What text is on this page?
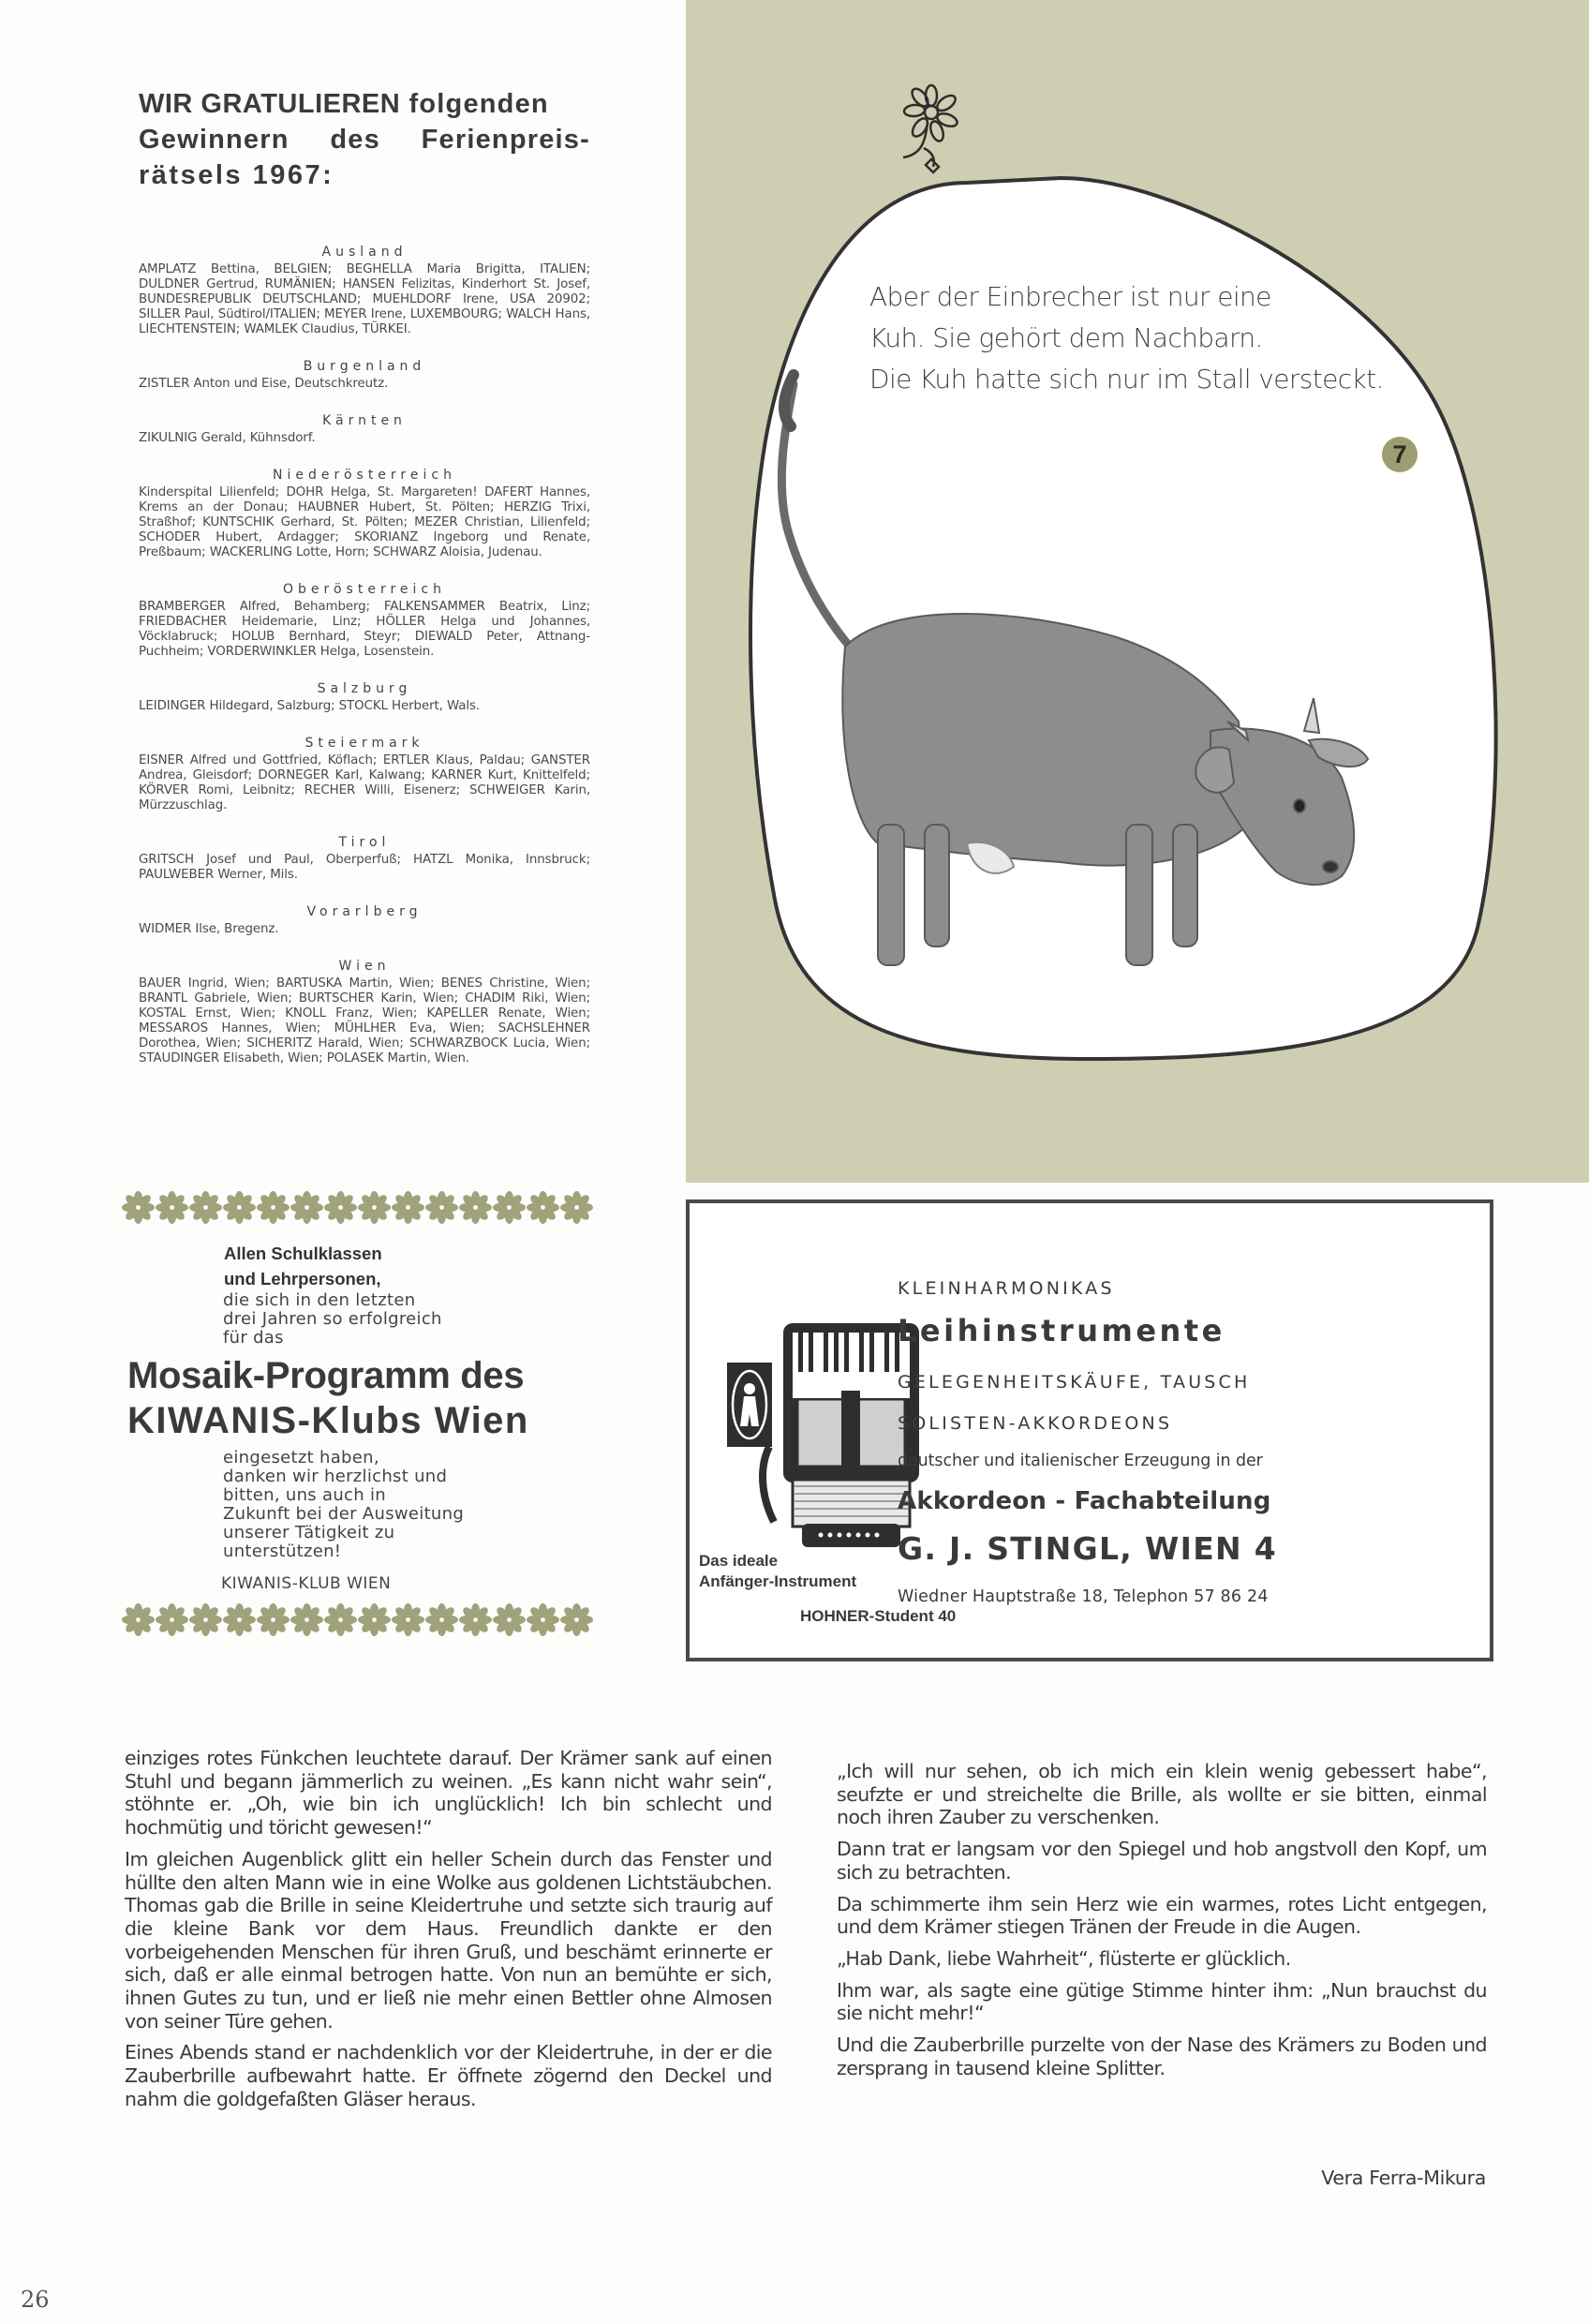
WIR GRATULIEREN folgenden
Gewinnern des Ferienpreis-
rätsels 1967:
Ausland

AMPLATZ Bettina, BELGIEN; BEGHELLA Maria Brigitta, ITALIEN; DULDNER Gertrud, RUMÄNIEN; HANSEN Felizitas, Kinderhort St. Josef, BUNDESREPUBLIK DEUTSCHLAND; MUEHLDORF Irene, USA 20902; SILLER Paul, Südtirol/ITALIEN; MEYER Irene, LUXEMBOURG; WALCH Hans, LIECHTENSTEIN; WAMLEK Claudius, TÜRKEI.

Burgenland

ZISTLER Anton und Eise, Deutschkreutz.

Kärnten

ZIKULNIG Gerald, Kühnsdorf.

Niederösterreich

Kinderspital Lilienfeld; DOHR Helga, St. Margareten! DAFERT Hannes, Krems an der Donau; HAUBNER Hubert, St. Pölten; HERZIG Trixi, Straßhof; KUNTSCHIK Gerhard, St. Pölten; MEZER Christian, Lilienfeld; SCHODER Hubert, Ardagger; SKORIANZ Ingeborg und Renate, Preßbaum; WACKERLING Lotte, Horn; SCHWARZ Aloisia, Judenau.

Oberösterreich

BRAMBERGER Alfred, Behamberg; FALKENSAMMER Beatrix, Linz; FRIEDBACHER Heidemarie, Linz; HÖLLER Helga und Johannes, Vöcklabruck; HOLUB Bernhard, Steyr; DIEWALD Peter, Attnang-Puchheim; VORDERWINKLER Helga, Losenstein.

Salzburg

LEIDINGER Hildegard, Salzburg; STOCKL Herbert, Wals.

Steiermark

EISNER Alfred und Gottfried, Köflach; ERTLER Klaus, Paldau; GANSTER Andrea, Gleisdorf; DORNEGER Karl, Kalwang; KARNER Kurt, Knittelfeld; KÖRVER Romi, Leibnitz; RECHER Willi, Eisenerz; SCHWEIGER Karin, Mürzzuschlag.

Tirol

GRITSCH Josef und Paul, Oberperfuß; HATZL Monika, Innsbruck; PAULWEBER Werner, Mils.

Vorarlberg

WIDMER Ilse, Bregenz.

Wien

BAUER Ingrid, Wien; BARTUSKA Martin, Wien; BENES Christine, Wien; BRANTL Gabriele, Wien; BURTSCHER Karin, Wien; CHADIM Riki, Wien; KOSTAL Ernst, Wien; KNOLL Franz, Wien; KAPELLER Renate, Wien; MESSAROS Hannes, Wien; MÜHLHER Eva, Wien; SACHSLEHNER Dorothea, Wien; SICHERITZ Harald, Wien; SCHWARZBOCK Lucia, Wien; STAUDINGER Elisabeth, Wien; POLASEK Martin, Wien.

Allen Schulklassen
und Lehrpersonen,
die sich in den letzten
drei Jahren so erfolgreich
für das
Mosaik-Programm des
KIWANIS-Klubs Wien
eingesetzt haben,
danken wir herzlichst und
bitten, uns auch in
Zukunft bei der Ausweitung
unserer Tätigkeit zu
unterstützen!
KIWANIS-KLUB WIEN
Aber der Einbrecher ist nur eine
Kuh. Sie gehört dem Nachbarn.
Die Kuh hatte sich nur im Stall versteckt.
7
Das ideale
Anfänger-Instrument
HOHNER-Student 40
KLEINHARMONIKAS
Leihinstrumente
GELEGENHEITSKÄUFE, TAUSCH
SOLISTEN-AKKORDEONS
deutscher und italienischer Erzeugung in der
Akkordeon - Fachabteilung
G. J. STINGL, WIEN 4
Wiedner Hauptstraße 18, Telephon 57 86 24

einziges rotes Fünkchen leuchtete darauf. Der Krämer sank auf einen Stuhl und begann jämmerlich zu weinen. „Es kann nicht wahr sein“, stöhnte er. „Oh, wie bin ich unglücklich! Ich bin schlecht und hochmütig und töricht gewesen!“

Im gleichen Augenblick glitt ein heller Schein durch das Fenster und hüllte den alten Mann wie in eine Wolke aus goldenen Lichtstäubchen. Thomas gab die Brille in seine Kleidertruhe und setzte sich traurig auf die kleine Bank vor dem Haus. Freundlich dankte er den vorbeigehenden Menschen für ihren Gruß, und beschämt erinnerte er sich, daß er alle einmal betrogen hatte. Von nun an bemühte er sich, ihnen Gutes zu tun, und er ließ nie mehr einen Bettler ohne Almosen von seiner Türe gehen.

Eines Abends stand er nachdenklich vor der Kleidertruhe, in der er die Zauberbrille aufbewahrt hatte. Er öffnete zögernd den Deckel und nahm die goldgefaßten Gläser heraus.

„Ich will nur sehen, ob ich mich ein klein wenig gebessert habe“, seufzte er und streichelte die Brille, als wollte er sie bitten, einmal noch ihren Zauber zu verschenken.

Dann trat er langsam vor den Spiegel und hob angstvoll den Kopf, um sich zu betrachten.

Da schimmerte ihm sein Herz wie ein warmes, rotes Licht entgegen, und dem Krämer stiegen Tränen der Freude in die Augen.

„Hab Dank, liebe Wahrheit“, flüsterte er glücklich.

Ihm war, als sagte eine gütige Stimme hinter ihm: „Nun brauchst du sie nicht mehr!“

Und die Zauberbrille purzelte von der Nase des Krämers zu Boden und zersprang in tausend kleine Splitter.

Vera Ferra-Mikura
26
